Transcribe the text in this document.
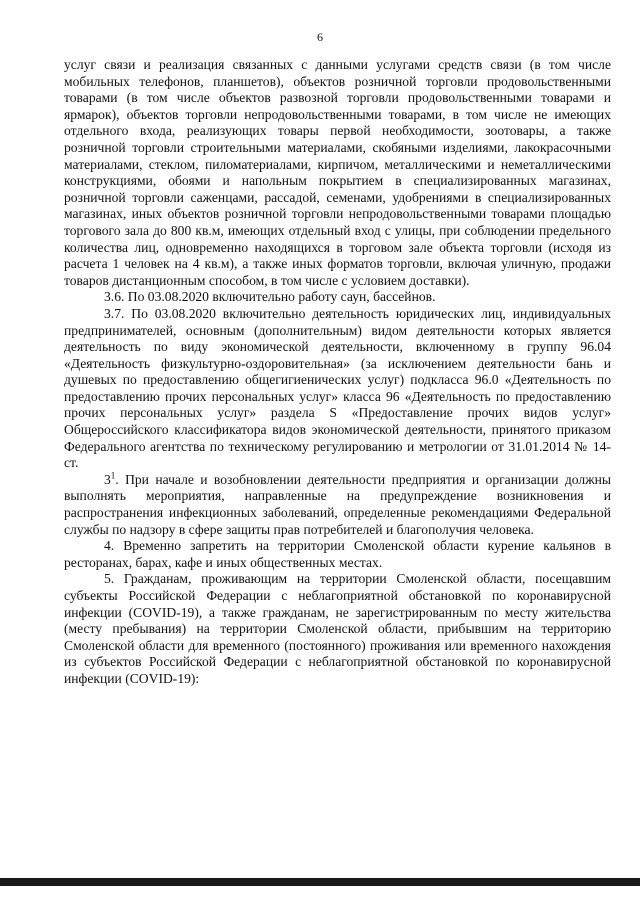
6

услуг связи и реализация связанных с данными услугами средств связи (в том числе мобильных телефонов, планшетов), объектов розничной торговли продовольственными товарами (в том числе объектов развозной торговли продовольственными товарами и ярмарок), объектов торговли непродовольственными товарами, в том числе не имеющих отдельного входа, реализующих товары первой необходимости, зоотовары, а также розничной торговли строительными материалами, скобяными изделиями, лакокрасочными материалами, стеклом, пиломатериалами, кирпичом, металлическими и неметаллическими конструкциями, обоями и напольным покрытием в специализированных магазинах, розничной торговли саженцами, рассадой, семенами, удобрениями в специализированных магазинах, иных объектов розничной торговли непродовольственными товарами площадью торгового зала до 800 кв.м, имеющих отдельный вход с улицы, при соблюдении предельного количества лиц, одновременно находящихся в торговом зале объекта торговли (исходя из расчета 1 человек на 4 кв.м), а также иных форматов торговли, включая уличную, продажи товаров дистанционным способом, в том числе с условием доставки).

3.6. По 03.08.2020 включительно работу саун, бассейнов.

3.7. По 03.08.2020 включительно деятельность юридических лиц, индивидуальных предпринимателей, основным (дополнительным) видом деятельности которых является деятельность по виду экономической деятельности, включенному в группу 96.04 «Деятельность физкультурно-оздоровительная» (за исключением деятельности бань и душевых по предоставлению общегигиенических услуг) подкласса 96.0 «Деятельность по предоставлению прочих персональных услуг» класса 96 «Деятельность по предоставлению прочих персональных услуг» раздела S «Предоставление прочих видов услуг» Общероссийского классификатора видов экономической деятельности, принятого приказом Федерального агентства по техническому регулированию и метрологии от 31.01.2014 № 14-ст.

$3^1$. При начале и возобновлении деятельности предприятия и организации должны выполнять мероприятия, направленные на предупреждение возникновения и распространения инфекционных заболеваний, определенные рекомендациями Федеральной службы по надзору в сфере защиты прав потребителей и благополучия человека.

4. Временно запретить на территории Смоленской области курение кальянов в ресторанах, барах, кафе и иных общественных местах.

5. Гражданам, проживающим на территории Смоленской области, посещавшим субъекты Российской Федерации с неблагоприятной обстановкой по коронавирусной инфекции (COVID-19), а также гражданам, не зарегистрированным по месту жительства (месту пребывания) на территории Смоленской области, прибывшим на территорию Смоленской области для временного (постоянного) проживания или временного нахождения из субъектов Российской Федерации с неблагоприятной обстановкой по коронавирусной инфекции (COVID-19):
